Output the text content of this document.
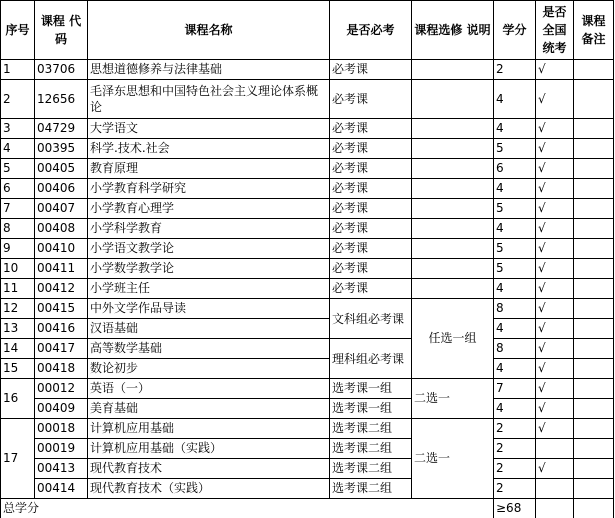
序号	课程 代码	课程名称	是否必考	课程选修 说明	学分	是否全国统考	课程备注
1	03706	思想道德修养与法律基础	必考课		2	√	
2	12656	毛泽东思想和中国特色社会主义理论体系概论	必考课		4	√	
3	04729	大学语文	必考课		4	√	
4	00395	科学.技术.社会	必考课		5	√	
5	00405	教育原理	必考课		6	√	
6	00406	小学教育科学研究	必考课		4	√	
7	00407	小学教育心理学	必考课		5	√	
8	00408	小学科学教育	必考课		4	√	
9	00410	小学语文教学论	必考课		5	√	
10	00411	小学数学教学论	必考课		5	√	
11	00412	小学班主任	必考课		4	√	
12	00415	中外文学作品导读	文科组必考课	任选一组	8	√	
13	00416	汉语基础			4	√	
14	00417	高等数学基础	理科组必考课		8	√	
15	00418	数论初步			4	√	
16	00012	英语（一）	选考课一组	二选一	7	√	
	00409	美育基础	选考课一组		4	√	
17	00018	计算机应用基础	选考课二组	二选一	2	√	
	00019	计算机应用基础（实践）	选考课二组		2		
	00413	现代教育技术	选考课二组		2	√	
	00414	现代教育技术（实践）	选考课二组		2		
总学分					≥68		
